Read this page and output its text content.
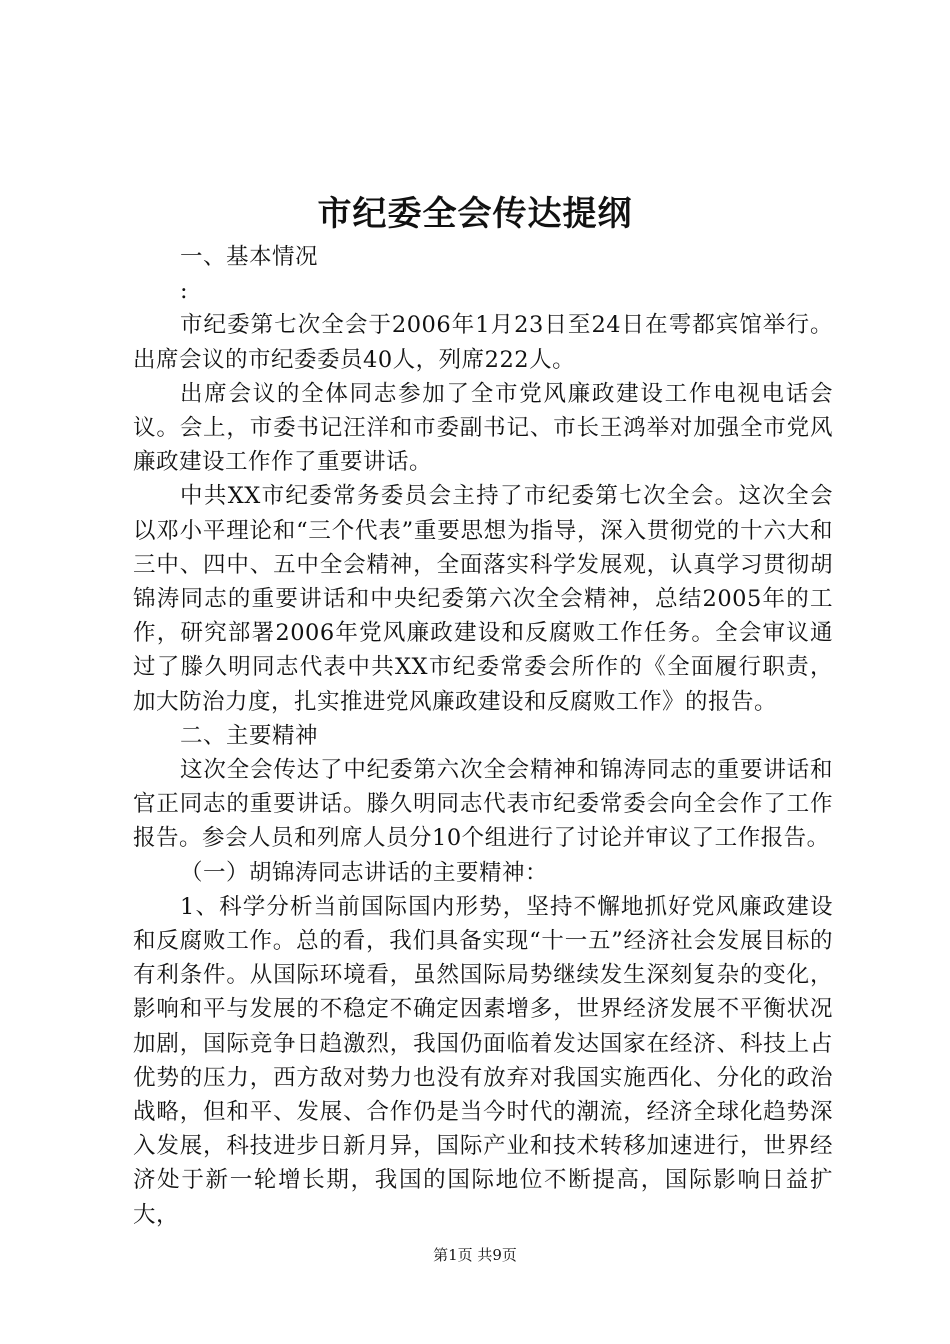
市纪委全会传达提纲

一、基本情况

:

市纪委第七次全会于2006年1月23日至24日在雩都宾馆举行。出席会议的市纪委委员40人，列席222人。

出席会议的全体同志参加了全市党风廉政建设工作电视电话会议。会上，市委书记汪洋和市委副书记、市长王鸿举对加强全市党风廉政建设工作作了重要讲话。

中共XX市纪委常务委员会主持了市纪委第七次全会。这次全会以邓小平理论和“三个代表”重要思想为指导，深入贯彻党的十六大和三中、四中、五中全会精神，全面落实科学发展观，认真学习贯彻胡锦涛同志的重要讲话和中央纪委第六次全会精神，总结2005年的工作，研究部署2006年党风廉政建设和反腐败工作任务。全会审议通过了滕久明同志代表中共XX市纪委常委会所作的《全面履行职责，加大防治力度，扎实推进党风廉政建设和反腐败工作》的报告。

二、主要精神

这次全会传达了中纪委第六次全会精神和锦涛同志的重要讲话和官正同志的重要讲话。滕久明同志代表市纪委常委会向全会作了工作报告。参会人员和列席人员分10个组进行了讨论并审议了工作报告。

（一）胡锦涛同志讲话的主要精神：

1、科学分析当前国际国内形势，坚持不懈地抓好党风廉政建设和反腐败工作。总的看，我们具备实现“十一五”经济社会发展目标的有利条件。从国际环境看，虽然国际局势继续发生深刻复杂的变化，影响和平与发展的不稳定不确定因素增多，世界经济发展不平衡状况加剧，国际竞争日趋激烈，我国仍面临着发达国家在经济、科技上占优势的压力，西方敌对势力也没有放弃对我国实施西化、分化的政治战略，但和平、发展、合作仍是当今时代的潮流，经济全球化趋势深入发展，科技进步日新月异，国际产业和技术转移加速进行，世界经济处于新一轮增长期，我国的国际地位不断提高，国际影响日益扩大，

第1页 共9页
